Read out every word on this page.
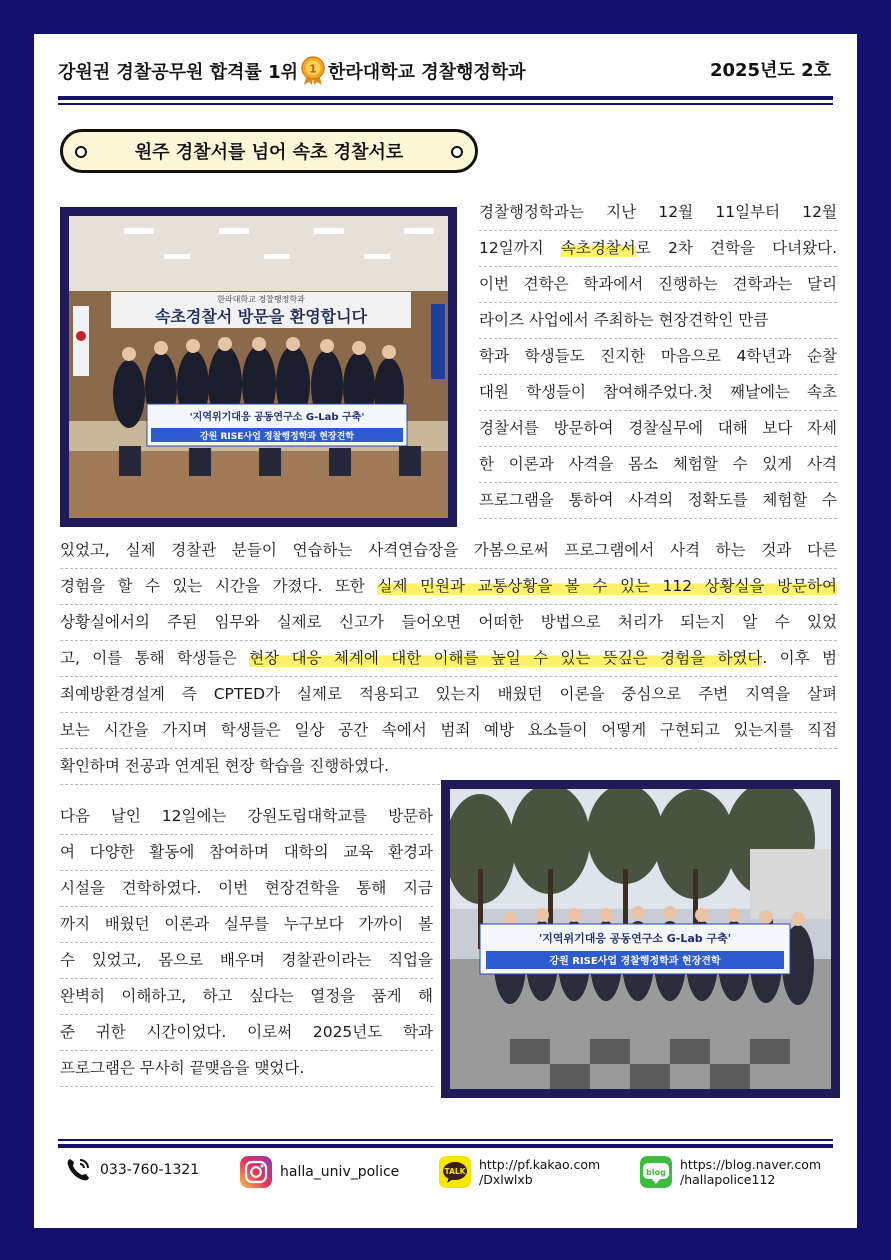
강원권 경찰공무원 합격률 1위 1 한라대학교 경찰행정학과	2025년도 2호
원주 경찰서를 넘어 속초 경찰서로
한라대학교 경찰행정학과
속초경찰서 방문을 환영합니다
'지역위기대응 공동연구소 G-Lab 구축'
강원 RISE사업 경찰행정학과 현장견학
경찰행정학과는 지난 12월 11일부터 12월
12일까지 속초경찰서로 2차 견학을 다녀왔다.
이번 견학은 학과에서 진행하는 견학과는 달리
라이즈 사업에서 주최하는 현장견학인 만큼
학과 학생들도 진지한 마음으로 4학년과 순찰
대원 학생들이 참여해주었다.첫 째날에는 속초
경찰서를 방문하여 경찰실무에 대해 보다 자세
한 이론과 사격을 몸소 체험할 수 있게 사격
프로그램을 통하여 사격의 정확도를 체험할 수
있었고, 실제 경찰관 분들이 연습하는 사격연습장을 가봄으로써 프로그램에서 사격 하는 것과 다른
경험을 할 수 있는 시간을 가졌다. 또한 실제 민원과 교통상황을 볼 수 있는 112 상황실을 방문하여
상황실에서의 주된 임무와 실제로 신고가 들어오면 어떠한 방법으로 처리가 되는지 알 수 있었
고, 이를 통해 학생들은 현장 대응 체계에 대한 이해를 높일 수 있는 뜻깊은 경험을 하였다. 이후 범
죄예방환경설계 즉 CPTED가 실제로 적용되고 있는지 배웠던 이론을 중심으로 주변 지역을 살펴
보는 시간을 가지며 학생들은 일상 공간 속에서 범죄 예방 요소들이 어떻게 구현되고 있는지를 직접
확인하며 전공과 연계된 현장 학습을 진행하였다.
다음 날인 12일에는 강원도립대학교를 방문하
여 다양한 활동에 참여하며 대학의 교육 환경과
시설을 견학하였다. 이번 현장견학을 통해 지금
까지 배웠던 이론과 실무를 누구보다 가까이 볼
수 있었고, 몸으로 배우며 경찰관이라는 직업을
완벽히 이해하고, 하고 싶다는 열정을 품게 해
준 귀한 시간이었다. 이로써 2025년도 학과
프로그램은 무사히 끝맺음을 맺었다.
'지역위기대응 공동연구소 G-Lab 구축'
강원 RISE사업 경찰행정학과 현장견학
033-760-1321	halla_univ_police	TALK http://pf.kakao.com
/Dxlwlxb	blog
https://blog.naver.com
/hallapolice112
